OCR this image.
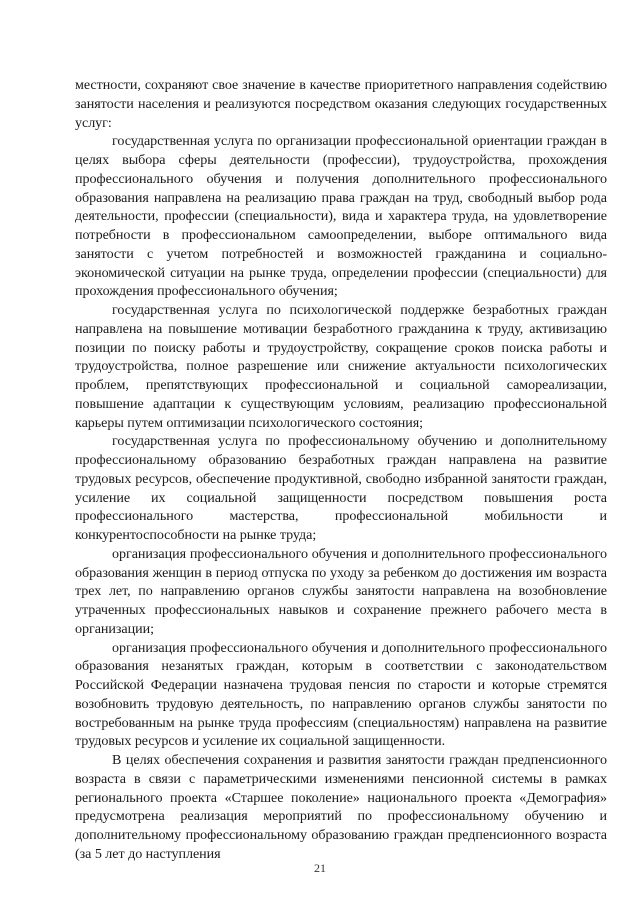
местности, сохраняют свое значение в качестве приоритетного направления содействию занятости населения и реализуются посредством оказания следующих государственных услуг:

государственная услуга по организации профессиональной ориентации граждан в целях выбора сферы деятельности (профессии), трудоустройства, прохождения профессионального обучения и получения дополнительного профессионального образования направлена на реализацию права граждан на труд, свободный выбор рода деятельности, профессии (специальности), вида и характера труда, на удовлетворение потребности в профессиональном самоопределении, выборе оптимального вида занятости с учетом потребностей и возможностей гражданина и социально-экономической ситуации на рынке труда, определении профессии (специальности) для прохождения профессионального обучения;

государственная услуга по психологической поддержке безработных граждан направлена на повышение мотивации безработного гражданина к труду, активизацию позиции по поиску работы и трудоустройству, сокращение сроков поиска работы и трудоустройства, полное разрешение или снижение актуальности психологических проблем, препятствующих профессиональной и социальной самореализации, повышение адаптации к существующим условиям, реализацию профессиональной карьеры путем оптимизации психологического состояния;

государственная услуга по профессиональному обучению и дополнительному профессиональному образованию безработных граждан направлена на развитие трудовых ресурсов, обеспечение продуктивной, свободно избранной занятости граждан, усиление их социальной защищенности посредством повышения роста профессионального мастерства, профессиональной мобильности и конкурентоспособности на рынке труда;

организация профессионального обучения и дополнительного профессионального образования женщин в период отпуска по уходу за ребенком до достижения им возраста трех лет, по направлению органов службы занятости направлена на возобновление утраченных профессиональных навыков и сохранение прежнего рабочего места в организации;

организация профессионального обучения и дополнительного профессионального образования незанятых граждан, которым в соответствии с законодательством Российской Федерации назначена трудовая пенсия по старости и которые стремятся возобновить трудовую деятельность, по направлению органов службы занятости по востребованным на рынке труда профессиям (специальностям) направлена на развитие трудовых ресурсов и усиление их социальной защищенности.

В целях обеспечения сохранения и развития занятости граждан предпенсионного возраста в связи с параметрическими изменениями пенсионной системы в рамках регионального проекта «Старшее поколение» национального проекта «Демография» предусмотрена реализация мероприятий по профессиональному обучению и дополнительному профессиональному образованию граждан предпенсионного возраста (за 5 лет до наступления

21
